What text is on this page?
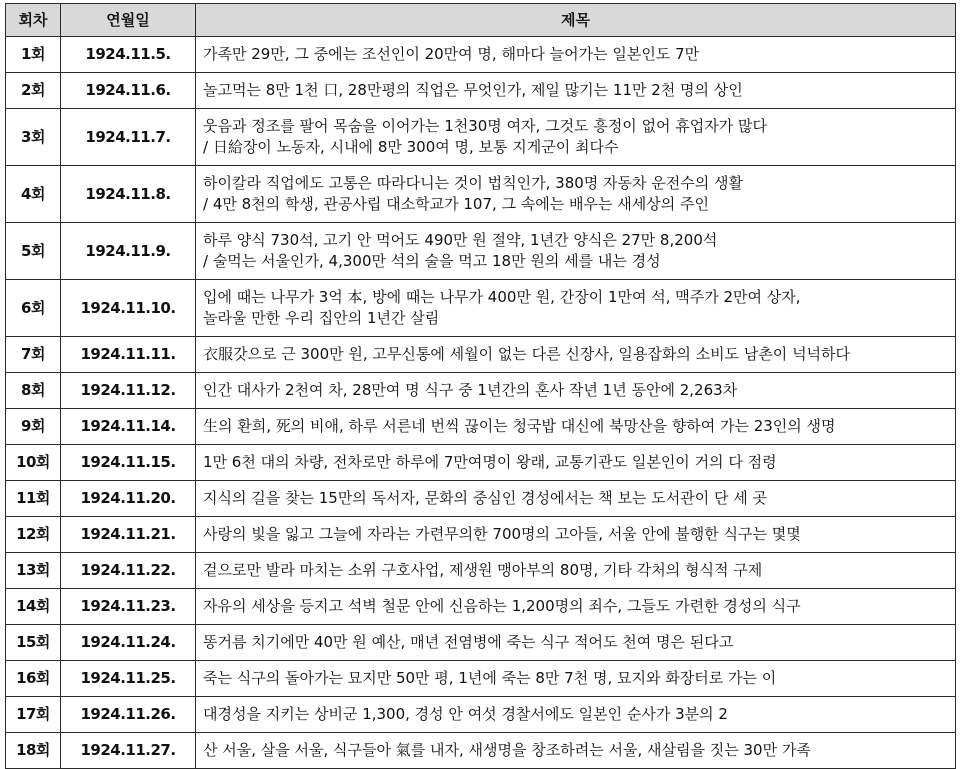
회차	연월일	제목
1회	1924.11.5.	가족만 29만, 그 중에는 조선인이 20만여 명, 해마다 늘어가는 일본인도 7만

2회	1924.11.6.	놀고먹는 8만 1천 口, 28만평의 직업은 무엇인가, 제일 많기는 11만 2천 명의 상인

3회	1924.11.7.	웃음과 정조를 팔어 목숨을 이어가는 1천30명 여자, 그것도 흥정이 없어 휴업자가 많다
/ 日給장이 노동자, 시내에 8만 300여 명, 보통 지게군이 최다수

4회	1924.11.8.	하이칼라 직업에도 고통은 따라다니는 것이 법칙인가, 380명 자동차 운전수의 생활
/ 4만 8천의 학생, 관공사립 대소학교가 107, 그 속에는 배우는 새세상의 주인

5회	1924.11.9.	하루 양식 730석, 고기 안 먹어도 490만 원 절약, 1년간 양식은 27만 8,200석
/ 술먹는 서울인가, 4,300만 석의 술을 먹고 18만 원의 세를 내는 경성

6회	1924.11.10.	입에 때는 나무가 3억 本, 방에 때는 나무가 400만 원, 간장이 1만여 석, 맥주가 2만여 상자,
놀라울 만한 우리 집안의 1년간 살림

7회	1924.11.11.	衣服갓으로 근 300만 원, 고무신통에 세월이 없는 다른 신장사, 일용잡화의 소비도 남촌이 넉넉하다

8회	1924.11.12.	인간 대사가 2천여 차, 28만여 명 식구 중 1년간의 혼사 작년 1년 동안에 2,263차

9회	1924.11.14.	生의 환희, 死의 비애, 하루 서른네 번씩 끊이는 청국밥 대신에 북망산을 향하여 가는 23인의 생명

10회	1924.11.15.	1만 6천 대의 차량, 전차로만 하루에 7만여명이 왕래, 교통기관도 일본인이 거의 다 점령

11회	1924.11.20.	지식의 길을 찾는 15만의 독서자, 문화의 중심인 경성에서는 책 보는 도서관이 단 세 곳

12회	1924.11.21.	사랑의 빛을 잃고 그늘에 자라는 가련무의한 700명의 고아들, 서울 안에 불행한 식구는 몇몇

13회	1924.11.22.	겉으로만 발라 마치는 소위 구호사업, 제생원 맹아부의 80명, 기타 각처의 형식적 구제

14회	1924.11.23.	자유의 세상을 등지고 석벽 철문 안에 신음하는 1,200명의 죄수, 그들도 가련한 경성의 식구

15회	1924.11.24.	똥거름 치기에만 40만 원 예산, 매년 전염병에 죽는 식구 적어도 천여 명은 된다고

16회	1924.11.25.	죽는 식구의 돌아가는 묘지만 50만 평, 1년에 죽는 8만 7천 명, 묘지와 화장터로 가는 이

17회	1924.11.26.	대경성을 지키는 상비군 1,300, 경성 안 여섯 경찰서에도 일본인 순사가 3분의 2

18회	1924.11.27.	산 서울, 살을 서울, 식구들아 氣를 내자, 새생명을 창조하려는 서울, 새살림을 짓는 30만 가족
